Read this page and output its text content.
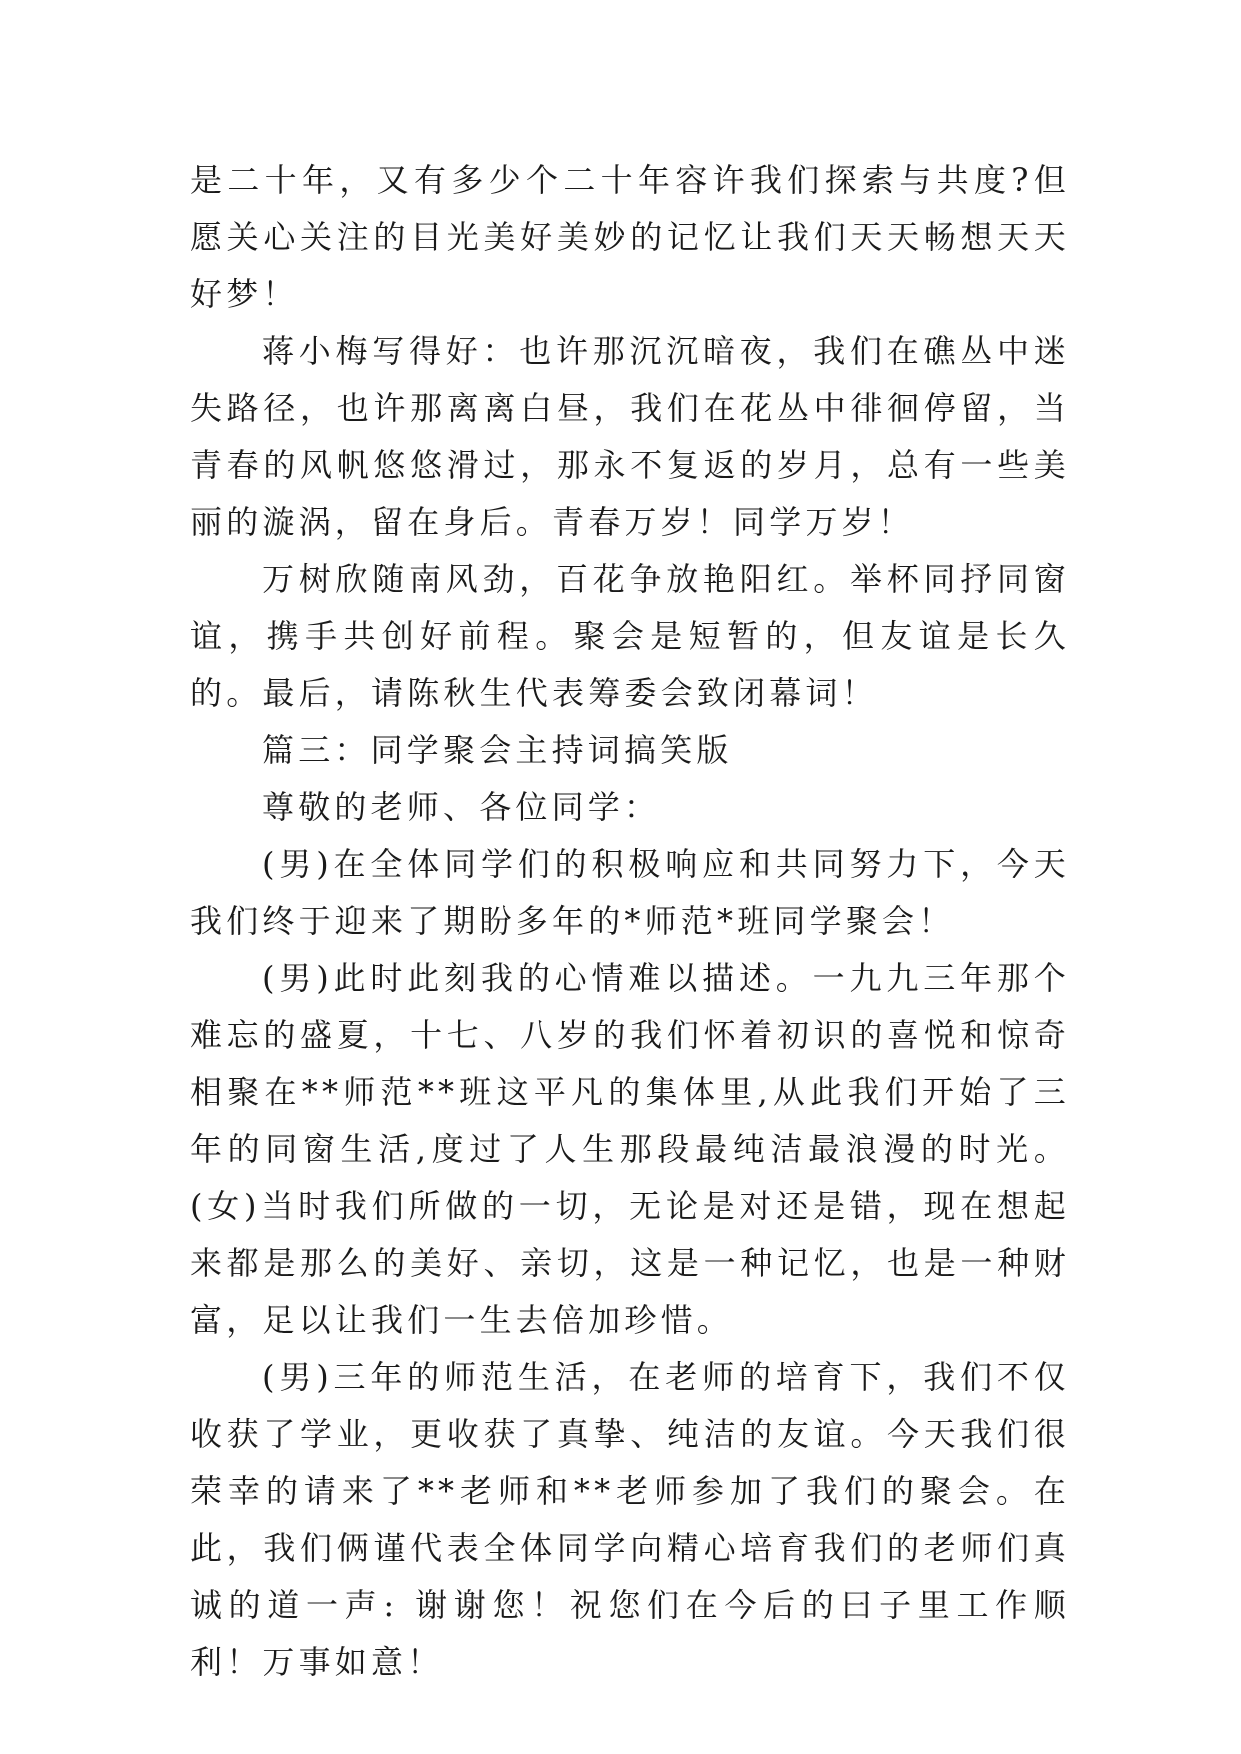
是二十年，又有多少个二十年容许我们探索与共度?但愿关心关注的目光美好美妙的记忆让我们天天畅想天天好梦！

蒋小梅写得好：也许那沉沉暗夜，我们在礁丛中迷失路径，也许那离离白昼，我们在花丛中徘徊停留，当青春的风帆悠悠滑过，那永不复返的岁月，总有一些美丽的漩涡，留在身后。青春万岁！同学万岁！

万树欣随南风劲，百花争放艳阳红。举杯同抒同窗谊，携手共创好前程。聚会是短暂的，但友谊是长久的。最后，请陈秋生代表筹委会致闭幕词！

篇三：同学聚会主持词搞笑版

尊敬的老师、各位同学：

(男)在全体同学们的积极响应和共同努力下，今天我们终于迎来了期盼多年的*师范*班同学聚会！

(男)此时此刻我的心情难以描述。一九九三年那个难忘的盛夏，十七、八岁的我们怀着初识的喜悦和惊奇相聚在**师范**班这平凡的集体里,从此我们开始了三年的同窗生活,度过了人生那段最纯洁最浪漫的时光。(女)当时我们所做的一切，无论是对还是错，现在想起来都是那么的美好、亲切，这是一种记忆，也是一种财富，足以让我们一生去倍加珍惜。

(男)三年的师范生活，在老师的培育下，我们不仅收获了学业，更收获了真挚、纯洁的友谊。今天我们很荣幸的请来了**老师和**老师参加了我们的聚会。在此，我们俩谨代表全体同学向精心培育我们的老师们真诚的道一声: 谢谢您！祝您们在今后的曰子里工作顺利！万事如意！
